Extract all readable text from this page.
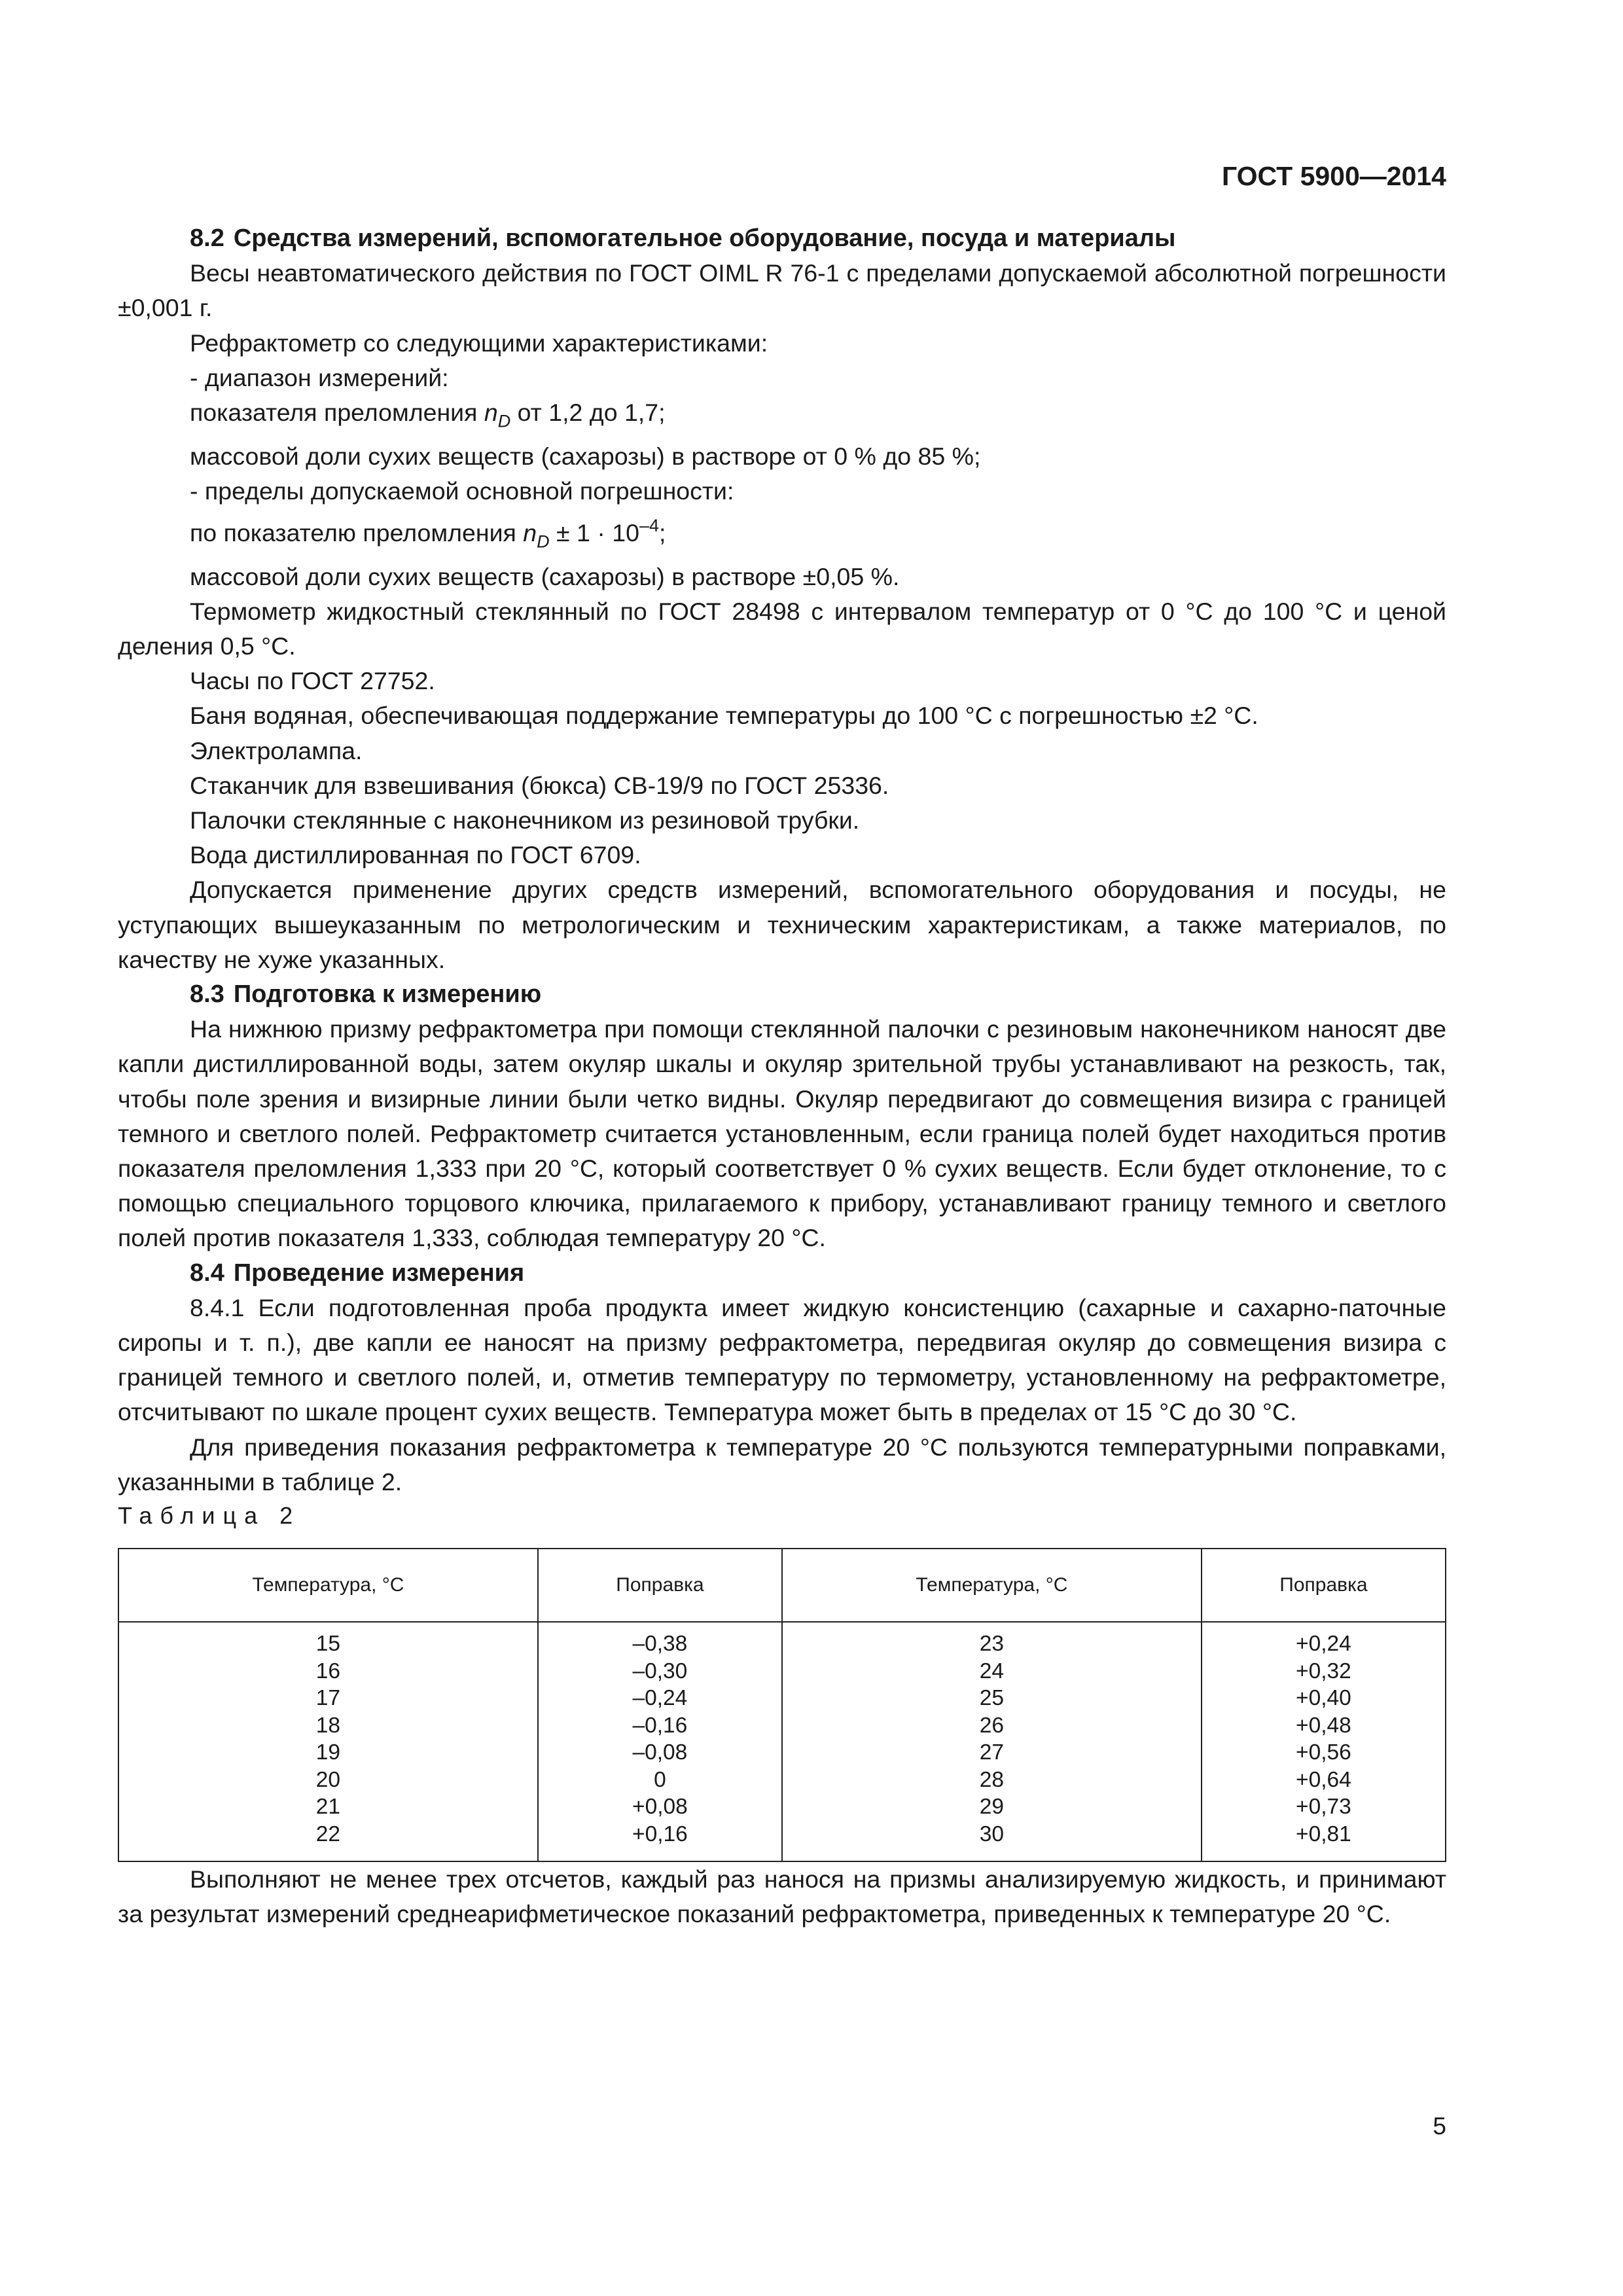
ГОСТ 5900—2014

8.2 Средства измерений, вспомогательное оборудование, посуда и материалы

Весы неавтоматического действия по ГОСТ OIML R 76-1 с пределами допускаемой абсолютной погрешности ±0,001 г.

Рефрактометр со следующими характеристиками:

- диапазон измерений:

показателя преломления $n_D$ от 1,2 до 1,7;

массовой доли сухих веществ (сахарозы) в растворе от 0 % до 85 %;

- пределы допускаемой основной погрешности:

по показателю преломления $n_D \pm 1 \cdot 10^{-4}$;

массовой доли сухих веществ (сахарозы) в растворе ±0,05 %.

Термометр жидкостный стеклянный по ГОСТ 28498 с интервалом температур от 0 °С до 100 °С и ценой деления 0,5 °С.

Часы по ГОСТ 27752.

Баня водяная, обеспечивающая поддержание температуры до 100 °С с погрешностью ±2 °С.

Электролампа.

Стаканчик для взвешивания (бюкса) СВ-19/9 по ГОСТ 25336.

Палочки стеклянные с наконечником из резиновой трубки.

Вода дистиллированная по ГОСТ 6709.

Допускается применение других средств измерений, вспомогательного оборудования и посуды, не уступающих вышеуказанным по метрологическим и техническим характеристикам, а также материалов, по качеству не хуже указанных.

8.3 Подготовка к измерению

На нижнюю призму рефрактометра при помощи стеклянной палочки с резиновым наконечником наносят две капли дистиллированной воды, затем окуляр шкалы и окуляр зрительной трубы устанавливают на резкость, так, чтобы поле зрения и визирные линии были четко видны. Окуляр передвигают до совмещения визира с границей темного и светлого полей. Рефрактометр считается установленным, если граница полей будет находиться против показателя преломления 1,333 при 20 °С, который соответствует 0 % сухих веществ. Если будет отклонение, то с помощью специального торцового ключика, прилагаемого к прибору, устанавливают границу темного и светлого полей против показателя 1,333, соблюдая температуру 20 °С.

8.4 Проведение измерения

8.4.1 Если подготовленная проба продукта имеет жидкую консистенцию (сахарные и сахарно-паточные сиропы и т. п.), две капли ее наносят на призму рефрактометра, передвигая окуляр до совмещения визира с границей темного и светлого полей, и, отметив температуру по термометру, установленному на рефрактометре, отсчитывают по шкале процент сухих веществ. Температура может быть в пределах от 15 °С до 30 °С.

Для приведения показания рефрактометра к температуре 20 °С пользуются температурными поправками, указанными в таблице 2.

Таблица 2

Температура, °С	Поправка	Температура, °С	Поправка
15	–0,38	23	+0,24
16	–0,30	24	+0,32
17	–0,24	25	+0,40
18	–0,16	26	+0,48
19	–0,08	27	+0,56
20	0	28	+0,64
21	+0,08	29	+0,73
22	+0,16	30	+0,81

Выполняют не менее трех отсчетов, каждый раз нанося на призмы анализируемую жидкость, и принимают за результат измерений среднеарифметическое показаний рефрактометра, приведенных к температуре 20 °С.

5
